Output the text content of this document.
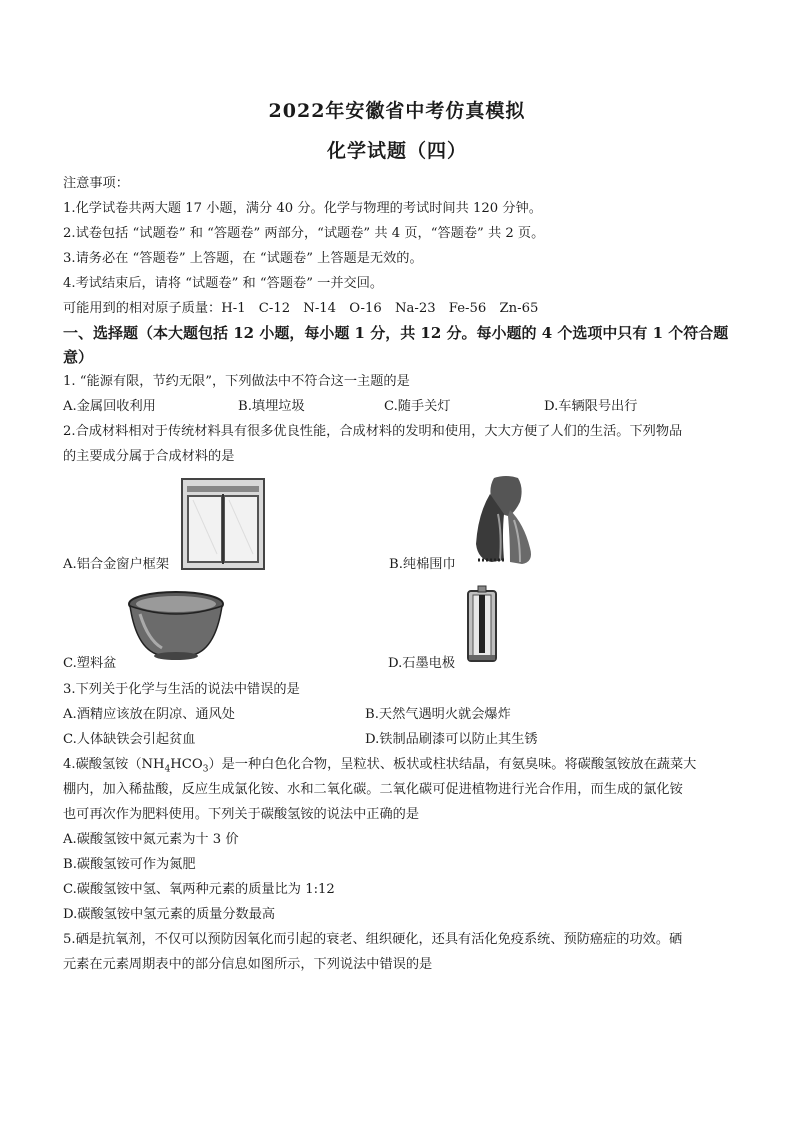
2022年安徽省中考仿真模拟
化学试题（四）
注意事项：
1.化学试卷共两大题 17 小题，满分 40 分。化学与物理的考试时间共 120 分钟。
2.试卷包括 “试题卷” 和 “答题卷” 两部分，“试题卷” 共 4 页，“答题卷” 共 2 页。
3.请务必在 “答题卷” 上答题，在 “试题卷” 上答题是无效的。
4.考试结束后，请将 “试题卷” 和 “答题卷” 一并交回。
可能用到的相对原子质量：H-1　C-12　N-14　O-16　Na-23　Fe-56　Zn-65
一、选择题（本大题包括 12 小题，每小题 1 分，共 12 分。每小题的 4 个选项中只有 1 个符合题意）
1. “能源有限，节约无限”，下列做法中不符合这一主题的是
A.金属回收利用	B.填埋垃圾	C.随手关灯	D.车辆限号出行
2.合成材料相对于传统材料具有很多优良性能，合成材料的发明和使用，大大方便了人们的生活。下列物品
的主要成分属于合成材料的是
A.铝合金窗户框架	B.纯棉围巾
C.塑料盆	D.石墨电极
3.下列关于化学与生活的说法中错误的是
A.酒精应该放在阴凉、通风处	B.天然气遇明火就会爆炸
C.人体缺铁会引起贫血	D.铁制品刷漆可以防止其生锈
4.碳酸氢铵$(NH_4HCO_3)$是一种白色化合物，呈粒状、板状或柱状结晶，有氨臭味。将碳酸氢铵放在蔬菜大
棚内，加入稀盐酸，反应生成氯化铵、水和二氧化碳。二氧化碳可促进植物进行光合作用，而生成的氯化铵
也可再次作为肥料使用。下列关于碳酸氢铵的说法中正确的是
A.碳酸氢铵中氮元素为十 3 价
B.碳酸氢铵可作为氮肥
C.碳酸氢铵中氢、氧两种元素的质量比为 1:12
D.碳酸氢铵中氢元素的质量分数最高
5.硒是抗氧剂，不仅可以预防因氧化而引起的衰老、组织硬化，还具有活化免疫系统、预防癌症的功效。硒
元素在元素周期表中的部分信息如图所示，下列说法中错误的是
